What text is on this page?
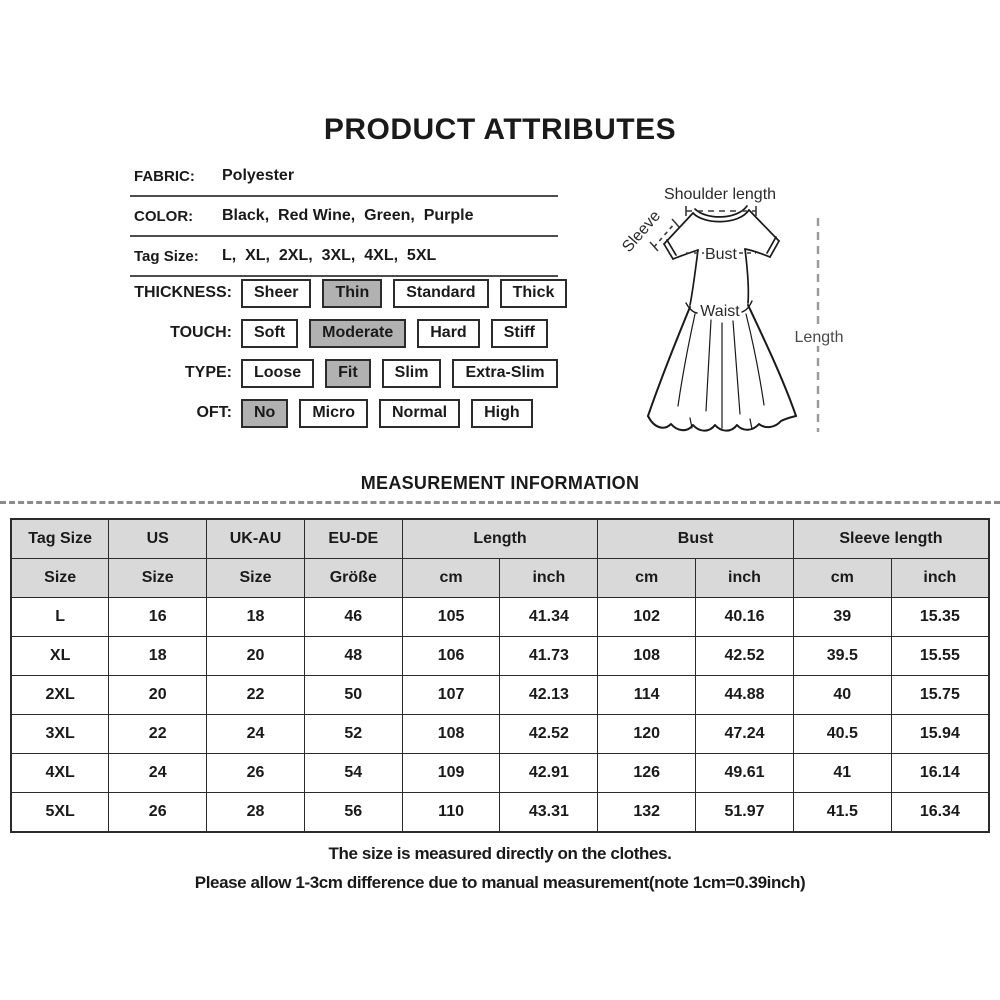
PRODUCT ATTRIBUTES
FABRIC:	Polyester
COLOR:	Black,  Red Wine,  Green,  Purple
Tag Size:	L,  XL,  2XL,  3XL,  4XL,  5XL
THICKNESS:	Sheer	Thin	Standard	Thick
TOUCH:	Soft	Moderate	Hard	Stiff
TYPE:	Loose	Fit	Slim	Extra-Slim
OFT:	No	Micro	Normal	High
Shoulder length
Sleeve	Bust
Waist
Length
MEASUREMENT INFORMATION
Tag Size	US	UK-AU	EU-DE	Length		Bust		Sleeve length	
Size	Size	Size	Größe	cm	inch	cm	inch	cm	inch
L	16	18	46	105	41.34	102	40.16	39	15.35
XL	18	20	48	106	41.73	108	42.52	39.5	15.55
2XL	20	22	50	107	42.13	114	44.88	40	15.75
3XL	22	24	52	108	42.52	120	47.24	40.5	15.94
4XL	24	26	54	109	42.91	126	49.61	41	16.14
5XL	26	28	56	110	43.31	132	51.97	41.5	16.34

The size is measured directly on the clothes.

Please allow 1-3cm difference due to manual measurement(note 1cm=0.39inch)
